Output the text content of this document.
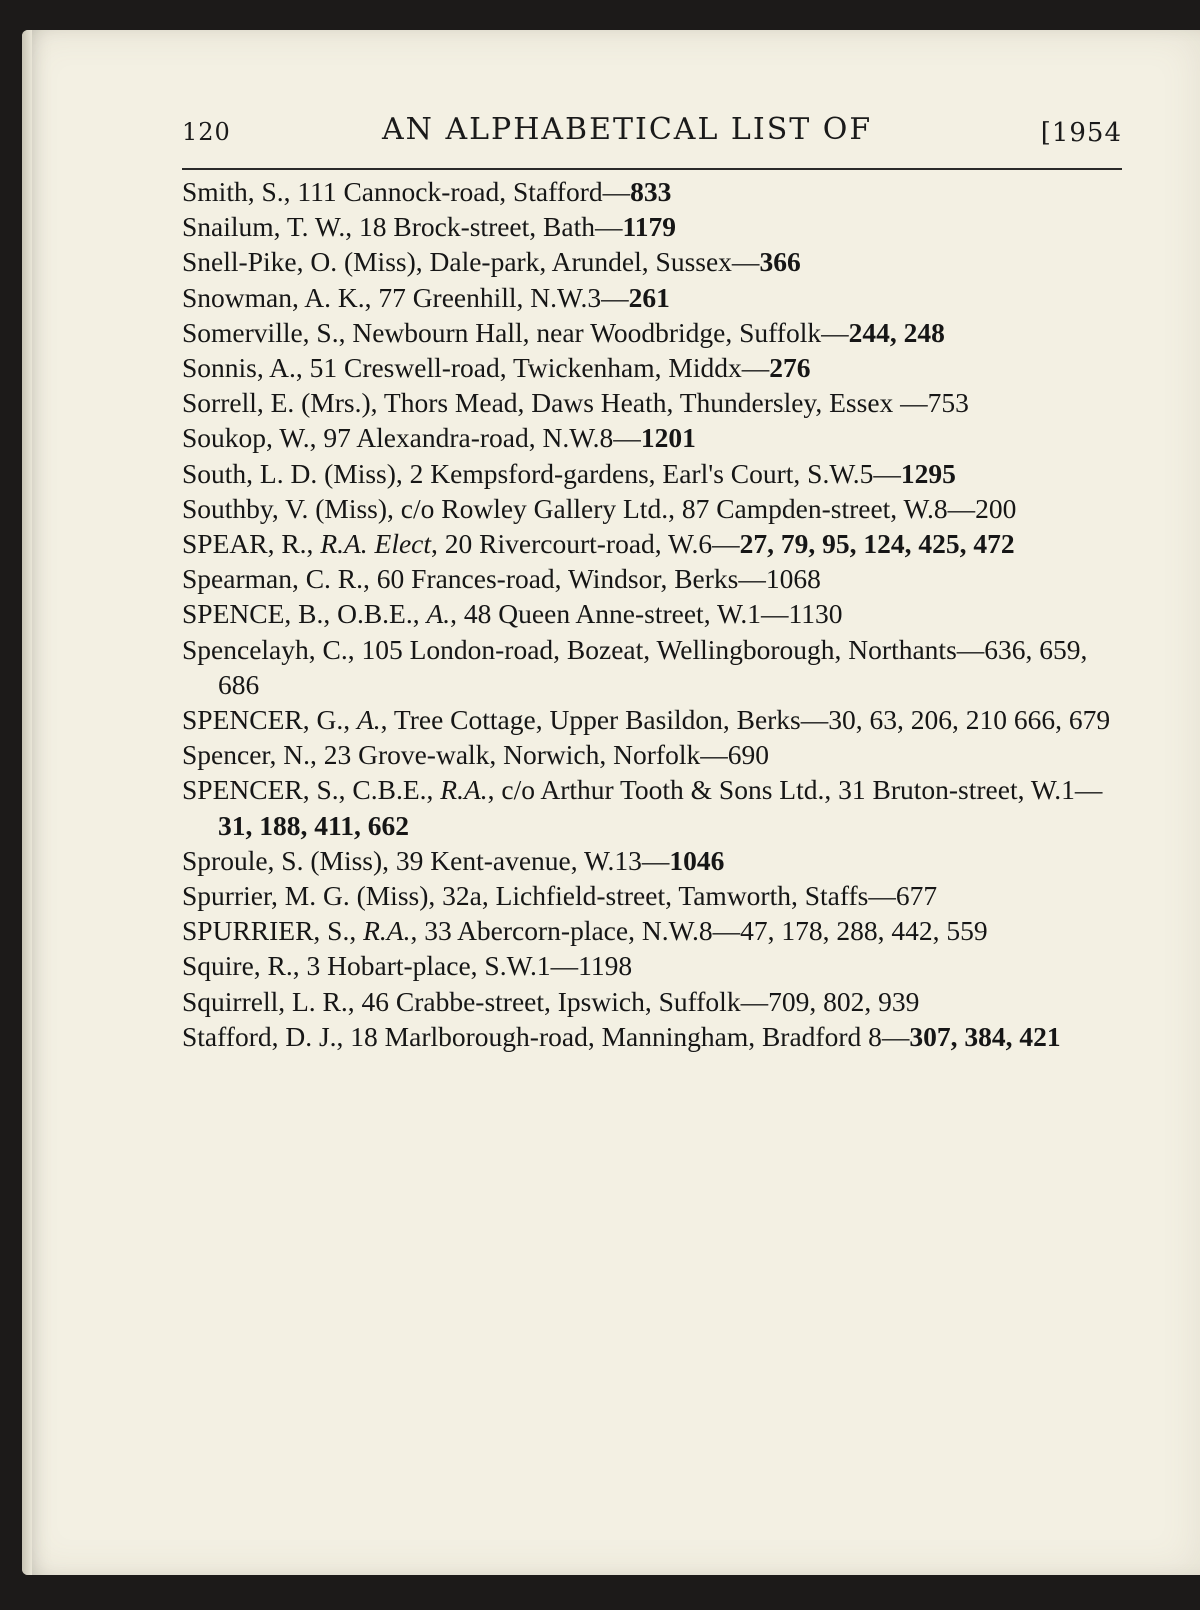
120	AN ALPHABETICAL LIST OF	[1954
Smith, S., 111 Cannock-road, Stafford—833
Snailum, T. W., 18 Brock-street, Bath—1179
Snell-Pike, O. (Miss), Dale-park, Arundel, Sussex—366
Snowman, A. K., 77 Greenhill, N.W.3—261
Somerville, S., Newbourn Hall, near Woodbridge, Suffolk—244, 248
Sonnis, A., 51 Creswell-road, Twickenham, Middx—276
Sorrell, E. (Mrs.), Thors Mead, Daws Heath, Thundersley, Essex —753
Soukop, W., 97 Alexandra-road, N.W.8—1201
South, L. D. (Miss), 2 Kempsford-gardens, Earl's Court, S.W.5—1295
Southby, V. (Miss), c/o Rowley Gallery Ltd., 87 Campden-street, W.8—200
SPEAR, R., R.A. Elect, 20 Rivercourt-road, W.6—27, 79, 95, 124, 425, 472
Spearman, C. R., 60 Frances-road, Windsor, Berks—1068
SPENCE, B., O.B.E., A., 48 Queen Anne-street, W.1—1130
Spencelayh, C., 105 London-road, Bozeat, Wellingborough, Northants—636, 659, 686
SPENCER, G., A., Tree Cottage, Upper Basildon, Berks—30, 63, 206, 210 666, 679
Spencer, N., 23 Grove-walk, Norwich, Norfolk—690
SPENCER, S., C.B.E., R.A., c/o Arthur Tooth & Sons Ltd., 31 Bruton-street, W.1—31, 188, 411, 662
Sproule, S. (Miss), 39 Kent-avenue, W.13—1046
Spurrier, M. G. (Miss), 32a, Lichfield-street, Tamworth, Staffs—677
SPURRIER, S., R.A., 33 Abercorn-place, N.W.8—47, 178, 288, 442, 559
Squire, R., 3 Hobart-place, S.W.1—1198
Squirrell, L. R., 46 Crabbe-street, Ipswich, Suffolk—709, 802, 939
Stafford, D. J., 18 Marlborough-road, Manningham, Bradford 8—307, 384, 421
